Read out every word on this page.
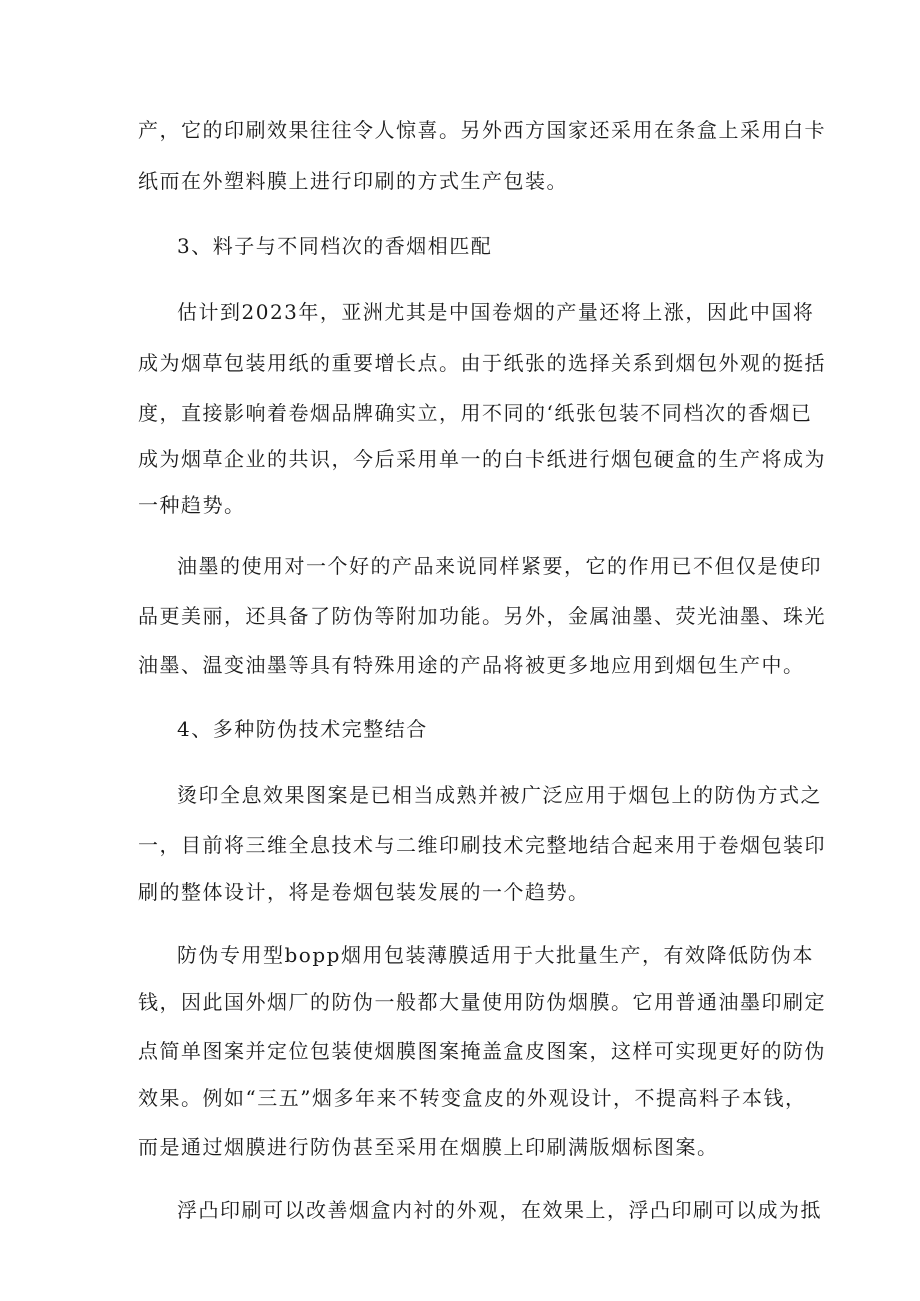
产，它的印刷效果往往令人惊喜。另外西方国家还采用在条盒上采用白卡
纸而在外塑料膜上进行印刷的方式生产包装。
3、料子与不同档次的香烟相匹配
估计到2023年，亚洲尤其是中国卷烟的产量还将上涨，因此中国将
成为烟草包装用纸的重要增长点。由于纸张的选择关系到烟包外观的挺括
度，直接影响着卷烟品牌确实立，用不同的‘纸张包装不同档次的香烟已
成为烟草企业的共识，今后采用单一的白卡纸进行烟包硬盒的生产将成为
一种趋势。
油墨的使用对一个好的产品来说同样紧要，它的作用已不但仅是使印
品更美丽，还具备了防伪等附加功能。另外，金属油墨、荧光油墨、珠光
油墨、温变油墨等具有特殊用途的产品将被更多地应用到烟包生产中。
4、多种防伪技术完整结合
烫印全息效果图案是已相当成熟并被广泛应用于烟包上的防伪方式之
一，目前将三维全息技术与二维印刷技术完整地结合起来用于卷烟包装印
刷的整体设计，将是卷烟包装发展的一个趋势。
防伪专用型bopp烟用包装薄膜适用于大批量生产，有效降低防伪本
钱，因此国外烟厂的防伪一般都大量使用防伪烟膜。它用普通油墨印刷定
点简单图案并定位包装使烟膜图案掩盖盒皮图案，这样可实现更好的防伪
效果。例如“三五”烟多年来不转变盒皮的外观设计，不提高料子本钱，
而是通过烟膜进行防伪甚至采用在烟膜上印刷满版烟标图案。
浮凸印刷可以改善烟盒内衬的外观，在效果上，浮凸印刷可以成为抵
